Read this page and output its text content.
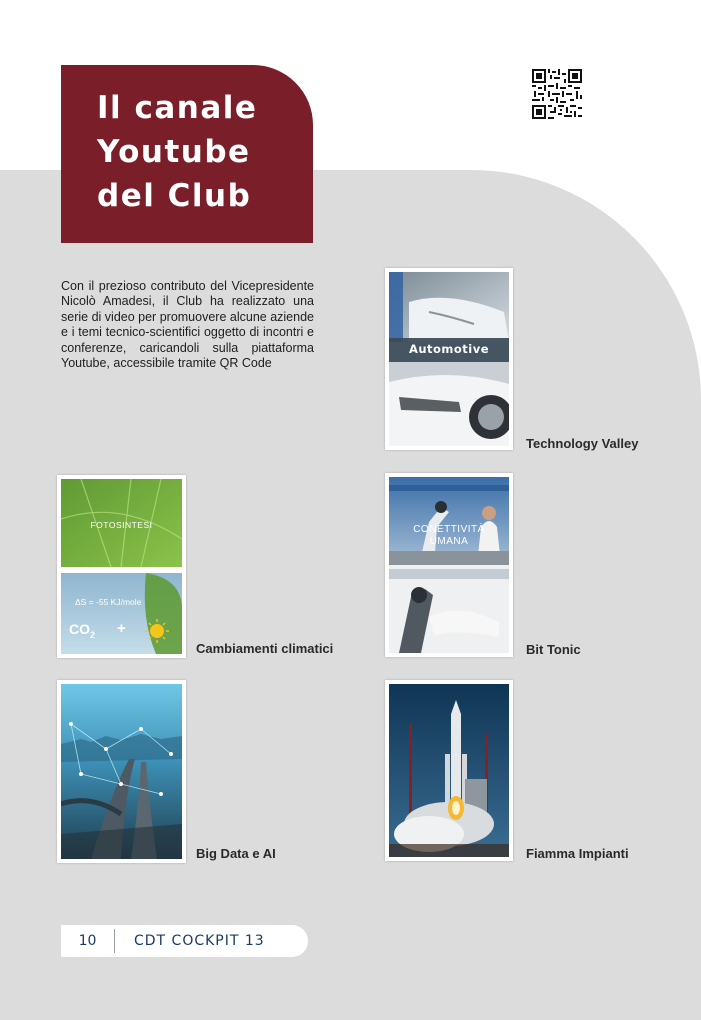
Il canale
Youtube
del Club

Con il prezioso contributo del Vicepresidente Nicolò Amadesi, il Club ha realizzato una serie di video per promuovere alcune aziende e i temi tecnico-scientifici oggetto di incontri e conferenze, caricandoli sulla piattaforma Youtube, accessibile tramite QR Code

Automotive
Technology Valley
FOTOSINTESI
ΔS = -55 KJ/mole
$CO_2$ +
Cambiamenti climatici
CONETTIVITÀ
UMANA
Bit Tonic
Big Data e AI	Fiamma Impianti
10	CDT COCKPIT 13
